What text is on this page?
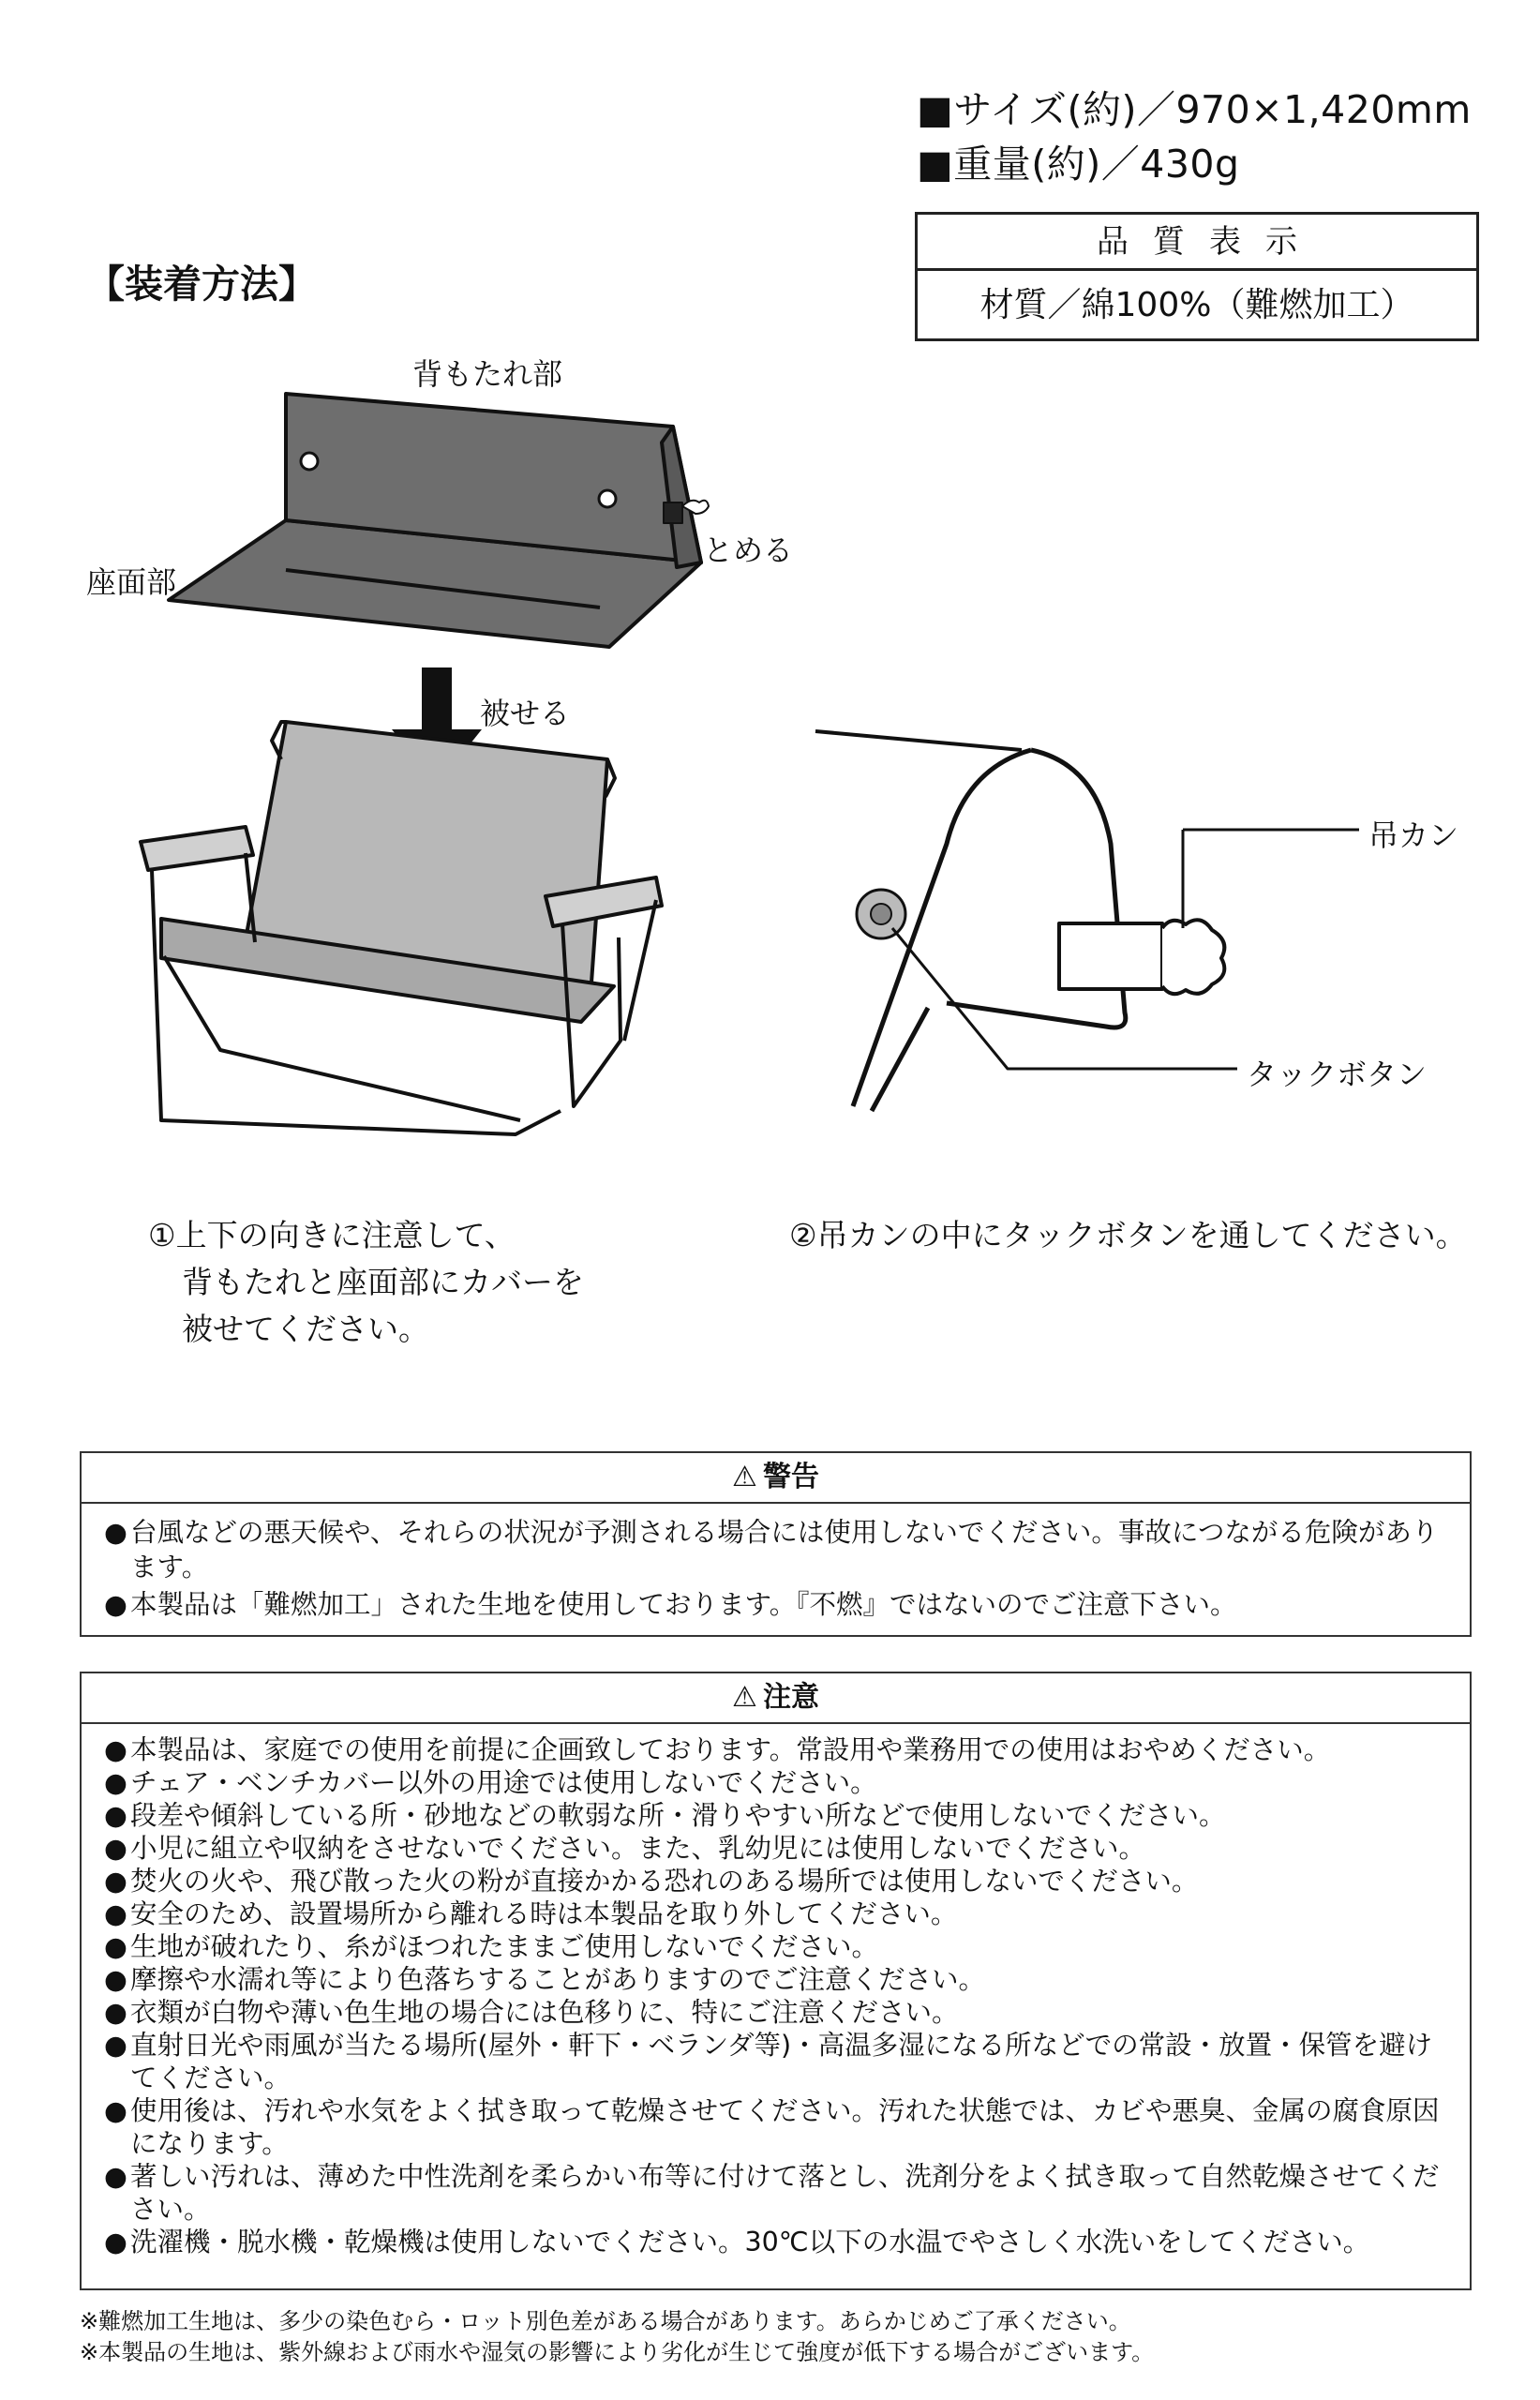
■サイズ(約)／970×1,420mm
■重量(約)／430g
品質表示
材質／綿100%（難燃加工）
【装着方法】
背もたれ部
座面部
とめる
被せる
吊カン
タックボタン
①上下の向きに注意して、
背もたれと座面部にカバーを
被せてください。
②吊カンの中にタックボタンを通してください。
⚠ 警告
● 台風などの悪天候や、それらの状況が予測される場合には使用しないでください。事故につながる危険があります。
● 本製品は「難燃加工」された生地を使用しております。『不燃』ではないのでご注意下さい。
⚠ 注意
● 本製品は、家庭での使用を前提に企画致しております。常設用や業務用での使用はおやめください。
● チェア・ベンチカバー以外の用途では使用しないでください。
● 段差や傾斜している所・砂地などの軟弱な所・滑りやすい所などで使用しないでください。
● 小児に組立や収納をさせないでください。また、乳幼児には使用しないでください。
● 焚火の火や、飛び散った火の粉が直接かかる恐れのある場所では使用しないでください。
● 安全のため、設置場所から離れる時は本製品を取り外してください。
● 生地が破れたり、糸がほつれたままご使用しないでください。
● 摩擦や水濡れ等により色落ちすることがありますのでご注意ください。
● 衣類が白物や薄い色生地の場合には色移りに、特にご注意ください。
● 直射日光や雨風が当たる場所(屋外・軒下・ベランダ等)・高温多湿になる所などでの常設・放置・保管を避けてください。
● 使用後は、汚れや水気をよく拭き取って乾燥させてください。汚れた状態では、カビや悪臭、金属の腐食原因になります。
● 著しい汚れは、薄めた中性洗剤を柔らかい布等に付けて落とし、洗剤分をよく拭き取って自然乾燥させてください。
● 洗濯機・脱水機・乾燥機は使用しないでください。30℃以下の水温でやさしく水洗いをしてください。
※難燃加工生地は、多少の染色むら・ロット別色差がある場合があります。あらかじめご了承ください。
※本製品の生地は、紫外線および雨水や湿気の影響により劣化が生じて強度が低下する場合がございます。
